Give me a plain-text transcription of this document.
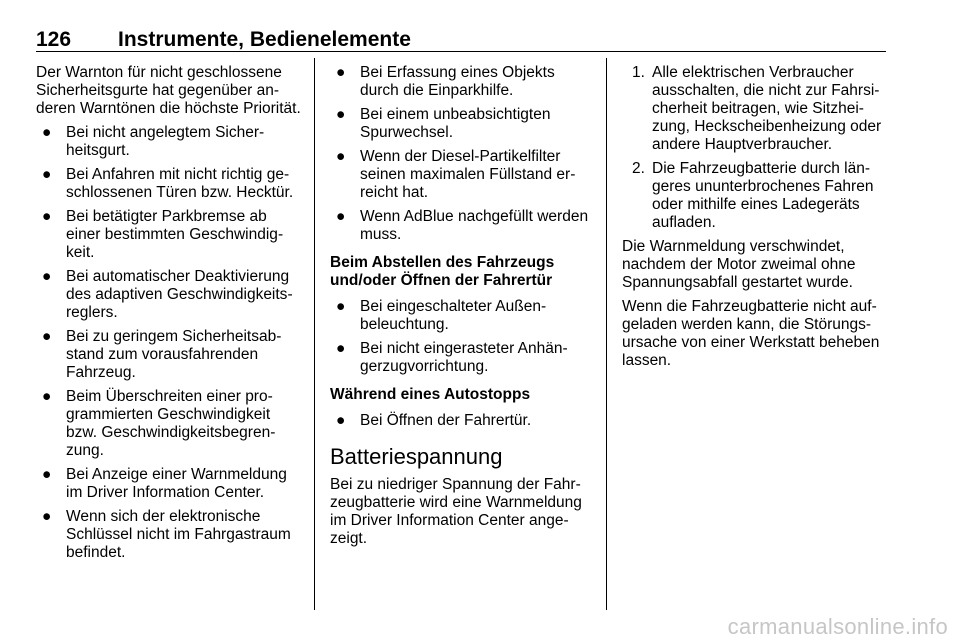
126 Instrumente, Bedienelemente

Der Warnton für nicht geschlossene Sicherheitsgurte hat gegenüber anderen Warntönen die höchste Priorität.

● Bei nicht angelegtem Sicherheitsgurt.
● Bei Anfahren mit nicht richtig geschlossenen Türen bzw. Hecktür.
● Bei betätigter Parkbremse ab einer bestimmten Geschwindigkeit.
● Bei automatischer Deaktivierung des adaptiven Geschwindigkeitsreglers.
● Bei zu geringem Sicherheitsabstand zum vorausfahrenden Fahrzeug.
● Beim Überschreiten einer programmierten Geschwindigkeit bzw. Geschwindigkeitsbegrenzung.
● Bei Anzeige einer Warnmeldung im Driver Information Center.
● Wenn sich der elektronische Schlüssel nicht im Fahrgastraum befindet.
● Bei Erfassung eines Objekts durch die Einparkhilfe.
● Bei einem unbeabsichtigten Spurwechsel.
● Wenn der Diesel-Partikelfilter seinen maximalen Füllstand erreicht hat.
● Wenn AdBlue nachgefüllt werden muss.
Beim Abstellen des Fahrzeugs und/oder Öffnen der Fahrertür
● Bei eingeschalteter Außenbeleuchtung.
● Bei nicht eingerasteter Anhängerzugvorrichtung.
Während eines Autostopps
● Bei Öffnen der Fahrertür.
Batteriespannung

Bei zu niedriger Spannung der Fahrzeugbatterie wird eine Warnmeldung im Driver Information Center angezeigt.

1. Alle elektrischen Verbraucher ausschalten, die nicht zur Fahrsicherheit beitragen, wie Sitzheizung, Heckscheibenheizung oder andere Hauptverbraucher.
2. Die Fahrzeugbatterie durch längeres ununterbrochenes Fahren oder mithilfe eines Ladegeräts aufladen.

Die Warnmeldung verschwindet, nachdem der Motor zweimal ohne Spannungsabfall gestartet wurde.

Wenn die Fahrzeugbatterie nicht aufgeladen werden kann, die Störungsursache von einer Werkstatt beheben lassen.

carmanualsonline.info
